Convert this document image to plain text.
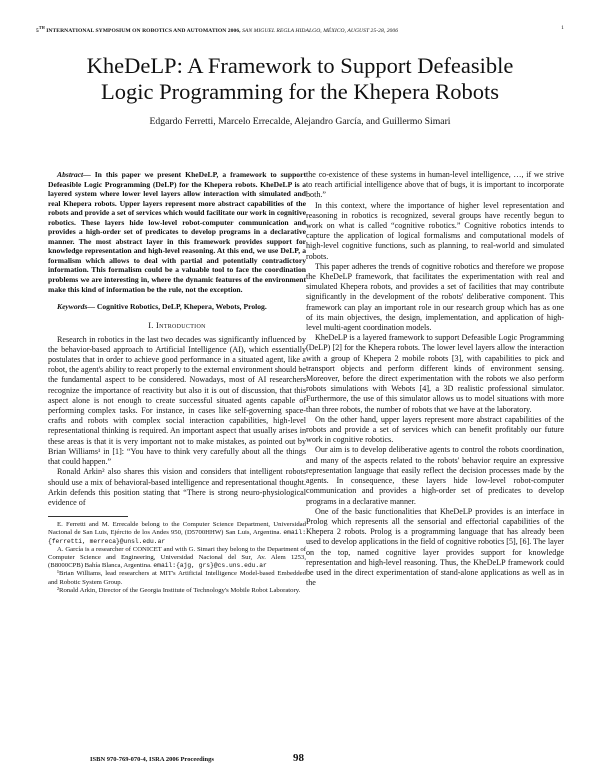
5TH INTERNATIONAL SYMPOSIUM ON ROBOTICS AND AUTOMATION 2006, SAN MIGUEL REGLA HIDALGO, MÉXICO, AUGUST 25-28, 2006	1
KheDeLP: A Framework to Support Defeasible
Logic Programming for the Khepera Robots
Edgardo Ferretti, Marcelo Errecalde, Alejandro García, and Guillermo Simari

Abstract— In this paper we present KheDeLP, a framework to support Defeasible Logic Programming (DeLP) for the Khepera robots. KheDeLP is a layered system where lower level layers allow interaction with simulated and real Khepera robots. Upper layers represent more abstract capabilities of the robots and provide a set of services which would facilitate our work in cognitive robotics. These layers hide low-level robot-computer communication and provides a high-order set of predicates to develop programs in a declarative manner. The most abstract layer in this framework provides support for knowledge representation and high-level reasoning. At this end, we use DeLP, a formalism which allows to deal with partial and potentially contradictory information. This formalism could be a valuable tool to face the coordination problems we are interesting in, where the dynamic features of the environment make this kind of information be the rule, not the exception.

Keywords— Cognitive Robotics, DeLP, Khepera, Webots, Prolog.

I. Introduction

Research in robotics in the last two decades was significantly influenced by the behavior-based approach to Artificial Intelligence (AI), which essentially postulates that in order to achieve good performance in a situated agent, like a robot, the agent's ability to react properly to the external environment should be the fundamental aspect to be considered. Nowadays, most of AI researchers recognize the importance of reactivity but also it is out of discussion, that this aspect alone is not enough to create successful situated agents capable of performing complex tasks. For instance, in cases like self-governing space-crafts and robots with complex social interaction capabilities, high-level representational thinking is required. An important aspect that usually arises in these areas is that it is very important not to make mistakes, as pointed out by Brian Williams¹ in [1]: “You have to think very carefully about all the things that could happen.”

Ronald Arkin² also shares this vision and considers that intelligent robots should use a mix of behavioral-based intelligence and representational thought. Arkin defends this position stating that “There is strong neuro-physiological evidence of

E. Ferretti and M. Errecalde belong to the Computer Science Department, Universidad Nacional de San Luis, Ejército de los Andes 950, (D5700HHW) San Luis, Argentina. email:{ferretti, merreca}@unsl.edu.ar

A. García is a researcher of CONICET and with G. Simari they belong to the Department of Computer Science and Engineering, Universidad Nacional del Sur, Av. Alem 1253, (B8000CPB) Bahía Blanca, Argentina. email:{ajg, grs}@cs.uns.edu.ar

¹Brian Williams, lead researchers at MIT's Artificial Intelligence Model-based Embedded and Robotic System Group.

²Ronald Arkin, Director of the Georgia Institute of Technology's Mobile Robot Laboratory.

the co-existence of these systems in human-level intelligence, …, if we strive to reach artificial intelligence above that of bugs, it is important to incorporate both.”

In this context, where the importance of higher level representation and reasoning in robotics is recognized, several groups have recently begun to work on what is called “cognitive robotics.” Cognitive robotics intends to capture the application of logical formalisms and computational models of high-level cognitive functions, such as planning, to real-world and simulated robots.

This paper adheres the trends of cognitive robotics and therefore we propose the KheDeLP framework, that facilitates the experimentation with real and simulated Khepera robots, and provides a set of facilities that may contribute significantly in the development of the robots' deliberative component. This framework can play an important role in our research group which has as one of its main objectives, the design, implementation, and application of high-level multi-agent coordination models.

KheDeLP is a layered framework to support Defeasible Logic Programming (DeLP) [2] for the Khepera robots. The lower level layers allow the interaction with a group of Khepera 2 mobile robots [3], with capabilities to pick and transport objects and perform different kinds of environment sensing. Moreover, before the direct experimentation with the robots we also perform robots simulations with Webots [4], a 3D realistic professional simulator. Furthermore, the use of this simulator allows us to model situations with more than three robots, the number of robots that we have at the laboratory.

On the other hand, upper layers represent more abstract capabilities of the robots and provide a set of services which can benefit profitably our future work in cognitive robotics.

Our aim is to develop deliberative agents to control the robots coordination, and many of the aspects related to the robots' behavior require an expressive representation language that easily reflect the decision processes made by the agents. In consequence, these layers hide low-level robot-computer communication and provides a high-order set of predicates to develop programs in a declarative manner.

One of the basic functionalities that KheDeLP provides is an interface in Prolog which represents all the sensorial and effectorial capabilities of the Khepera 2 robots. Prolog is a programming language that has already been used to develop applications in the field of cognitive robotics [5], [6]. The layer on the top, named cognitive layer provides support for knowledge representation and high-level reasoning. Thus, the KheDeLP framework could be used in the direct experimentation of stand-alone applications as well as in the

ISBN 970-769-070-4, ISRA 2006 Proceedings	98
